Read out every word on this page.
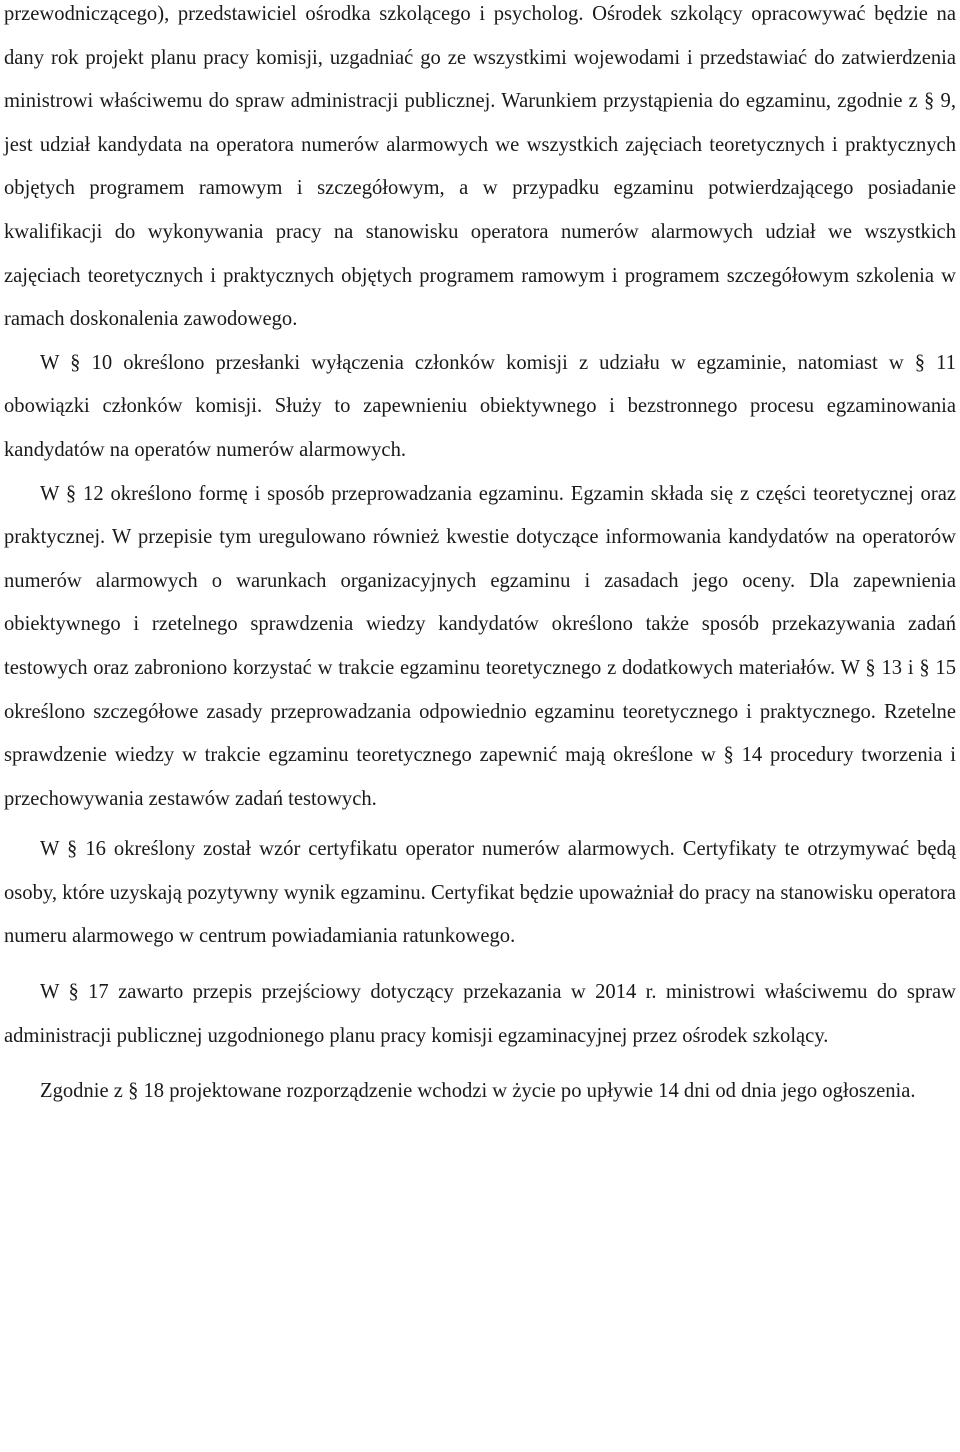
przewodniczącego), przedstawiciel ośrodka szkolącego i psycholog. Ośrodek szkolący opracowywać będzie na dany rok projekt planu pracy komisji, uzgadniać go ze wszystkimi wojewodami i przedstawiać do zatwierdzenia ministrowi właściwemu do spraw administracji publicznej. Warunkiem przystąpienia do egzaminu, zgodnie z § 9, jest udział kandydata na operatora numerów alarmowych we wszystkich zajęciach teoretycznych i praktycznych objętych programem ramowym i szczegółowym, a w przypadku egzaminu potwierdzającego posiadanie kwalifikacji do wykonywania pracy na stanowisku operatora numerów alarmowych udział we wszystkich zajęciach teoretycznych i praktycznych objętych programem ramowym i programem szczegółowym szkolenia w ramach doskonalenia zawodowego.

W § 10 określono przesłanki wyłączenia członków komisji z udziału w egzaminie, natomiast w § 11 obowiązki członków komisji. Służy to zapewnieniu obiektywnego i bezstronnego procesu egzaminowania kandydatów na operatów numerów alarmowych.

W § 12 określono formę i sposób przeprowadzania egzaminu. Egzamin składa się z części teoretycznej oraz praktycznej. W przepisie tym uregulowano również kwestie dotyczące informowania kandydatów na operatorów numerów alarmowych o warunkach organizacyjnych egzaminu i zasadach jego oceny. Dla zapewnienia obiektywnego i rzetelnego sprawdzenia wiedzy kandydatów określono także sposób przekazywania zadań testowych oraz zabroniono korzystać w trakcie egzaminu teoretycznego z dodatkowych materiałów. W § 13 i § 15 określono szczegółowe zasady przeprowadzania odpowiednio egzaminu teoretycznego i praktycznego. Rzetelne sprawdzenie wiedzy w trakcie egzaminu teoretycznego zapewnić mają określone w § 14 procedury tworzenia i przechowywania zestawów zadań testowych.

W § 16 określony został wzór certyfikatu operator numerów alarmowych. Certyfikaty te otrzymywać będą osoby, które uzyskają pozytywny wynik egzaminu. Certyfikat będzie upoważniał do pracy na stanowisku operatora numeru alarmowego w centrum powiadamiania ratunkowego.

W § 17 zawarto przepis przejściowy dotyczący przekazania w 2014 r. ministrowi właściwemu do spraw administracji publicznej uzgodnionego planu pracy komisji egzaminacyjnej przez ośrodek szkolący.

Zgodnie z § 18 projektowane rozporządzenie wchodzi w życie po upływie 14 dni od dnia jego ogłoszenia.
